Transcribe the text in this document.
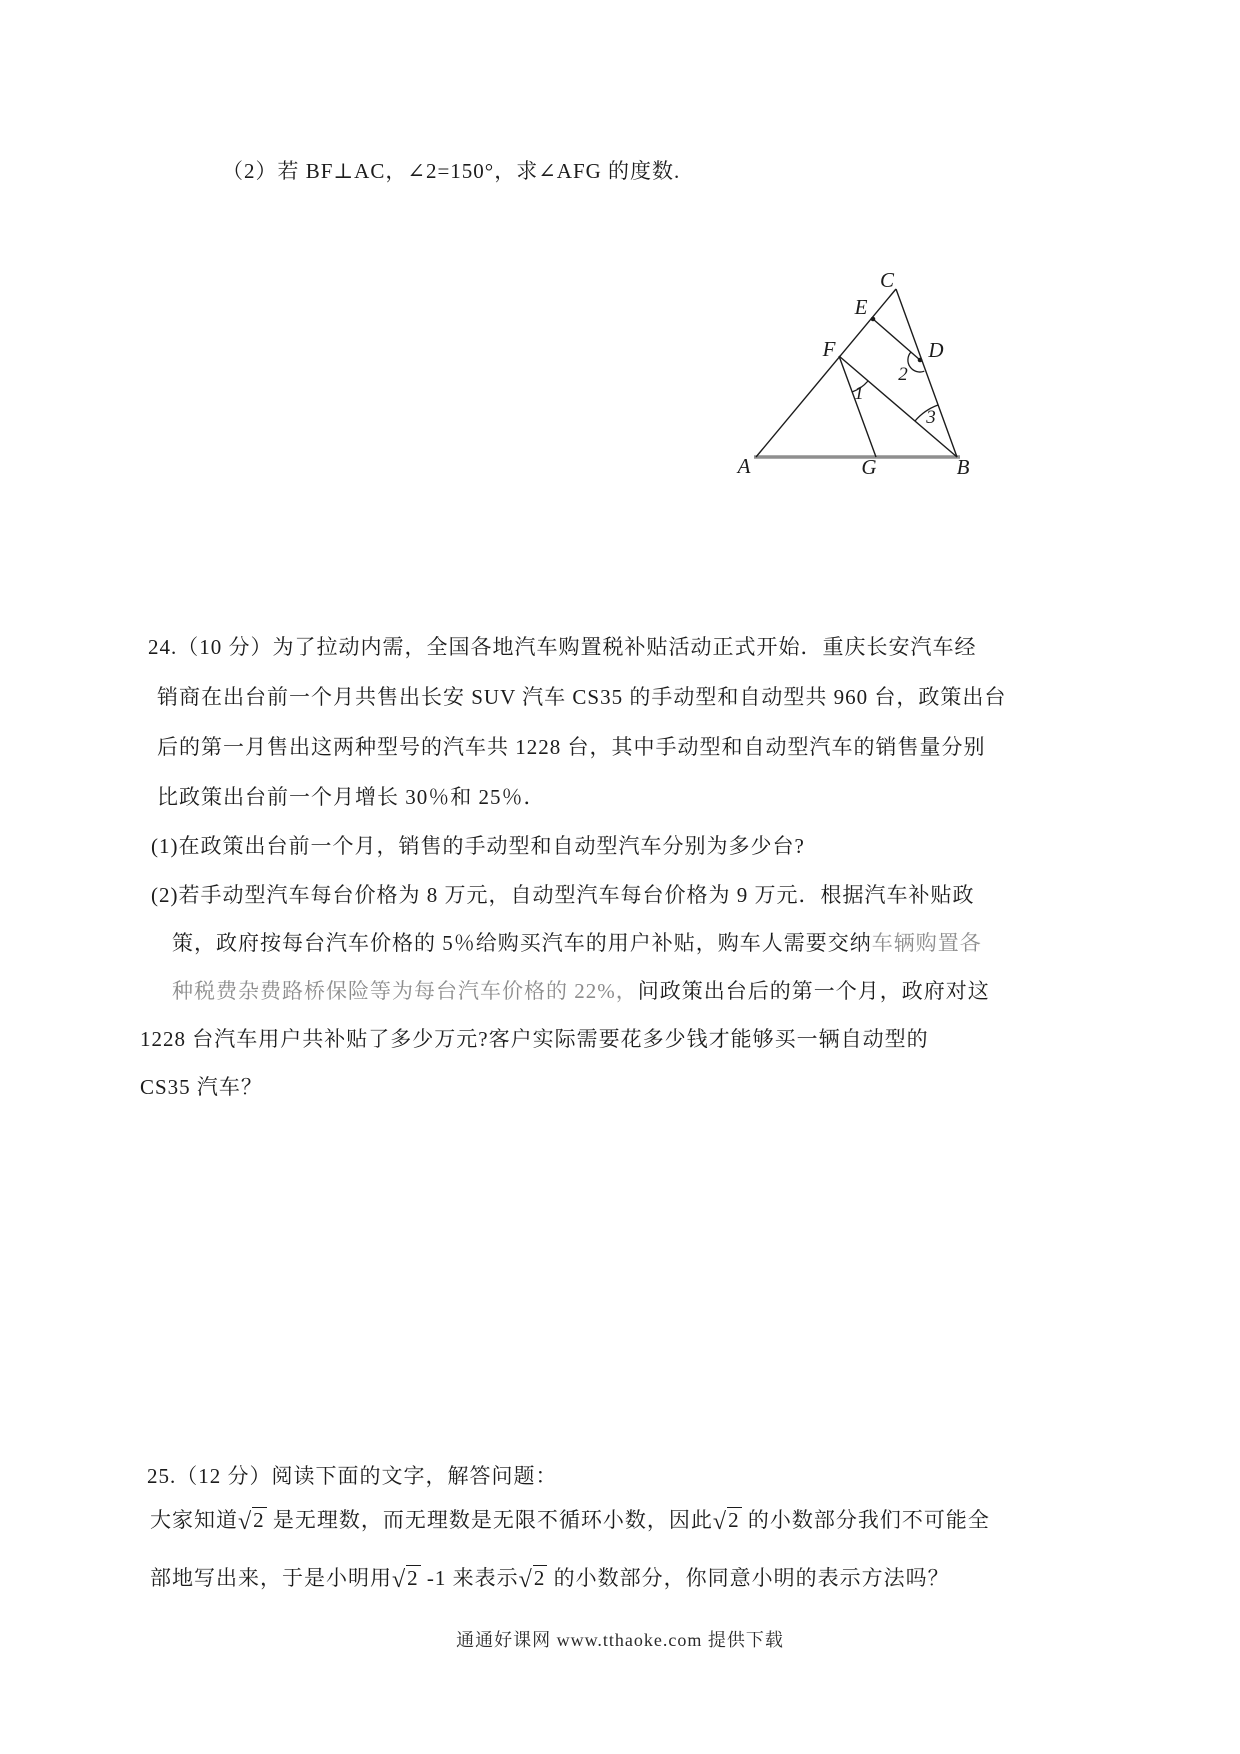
（2）若 BF⊥AC，∠2=150°，求∠AFG 的度数.
C
E
F	D
A	G	B
1
2
3
24.（10 分）为了拉动内需，全国各地汽车购置税补贴活动正式开始．重庆长安汽车经
销商在出台前一个月共售出长安 SUV 汽车 CS35 的手动型和自动型共 960 台，政策出台
后的第一月售出这两种型号的汽车共 1228 台，其中手动型和自动型汽车的销售量分别
比政策出台前一个月增长 30％和 25％．
(1)在政策出台前一个月，销售的手动型和自动型汽车分别为多少台?
(2)若手动型汽车每台价格为 8 万元，自动型汽车每台价格为 9 万元．根据汽车补贴政
策，政府按每台汽车价格的 5％给购买汽车的用户补贴，购车人需要交纳车辆购置各
种税费杂费路桥保险等为每台汽车价格的 22%，问政策出台后的第一个月，政府对这
1228 台汽车用户共补贴了多少万元?客户实际需要花多少钱才能够买一辆自动型的
CS35 汽车？
25.（12 分）阅读下面的文字，解答问题：
大家知道√2 是无理数，而无理数是无限不循环小数，因此√2 的小数部分我们不可能全
部地写出来，于是小明用√2 -1 来表示√2 的小数部分，你同意小明的表示方法吗？
通通好课网 www.tthaoke.com 提供下载
